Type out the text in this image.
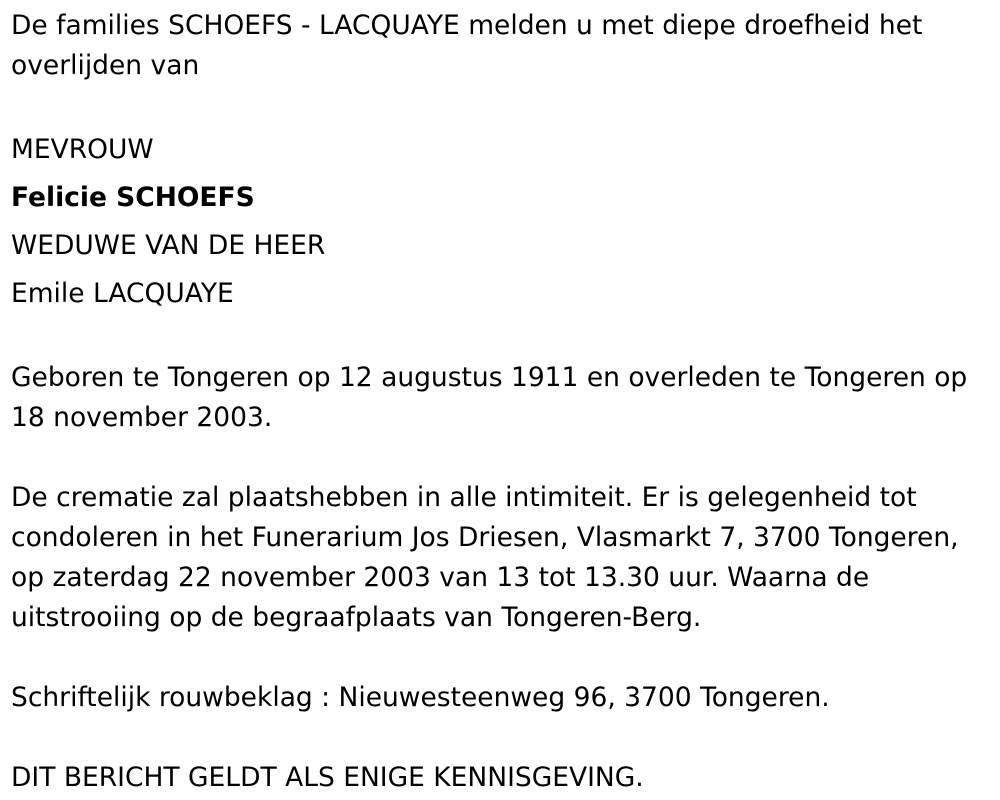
De families SCHOEFS - LACQUAYE melden u met diepe droefheid het
overlijden van
MEVROUW
Felicie SCHOEFS
WEDUWE VAN DE HEER
Emile LACQUAYE
Geboren te Tongeren op 12 augustus 1911 en overleden te Tongeren op
18 november 2003.
De crematie zal plaatshebben in alle intimiteit. Er is gelegenheid tot
condoleren in het Funerarium Jos Driesen, Vlasmarkt 7, 3700 Tongeren,
op zaterdag 22 november 2003 van 13 tot 13.30 uur. Waarna de
uitstrooiing op de begraafplaats van Tongeren-Berg.
Schriftelijk rouwbeklag : Nieuwesteenweg 96, 3700 Tongeren.
DIT BERICHT GELDT ALS ENIGE KENNISGEVING.
